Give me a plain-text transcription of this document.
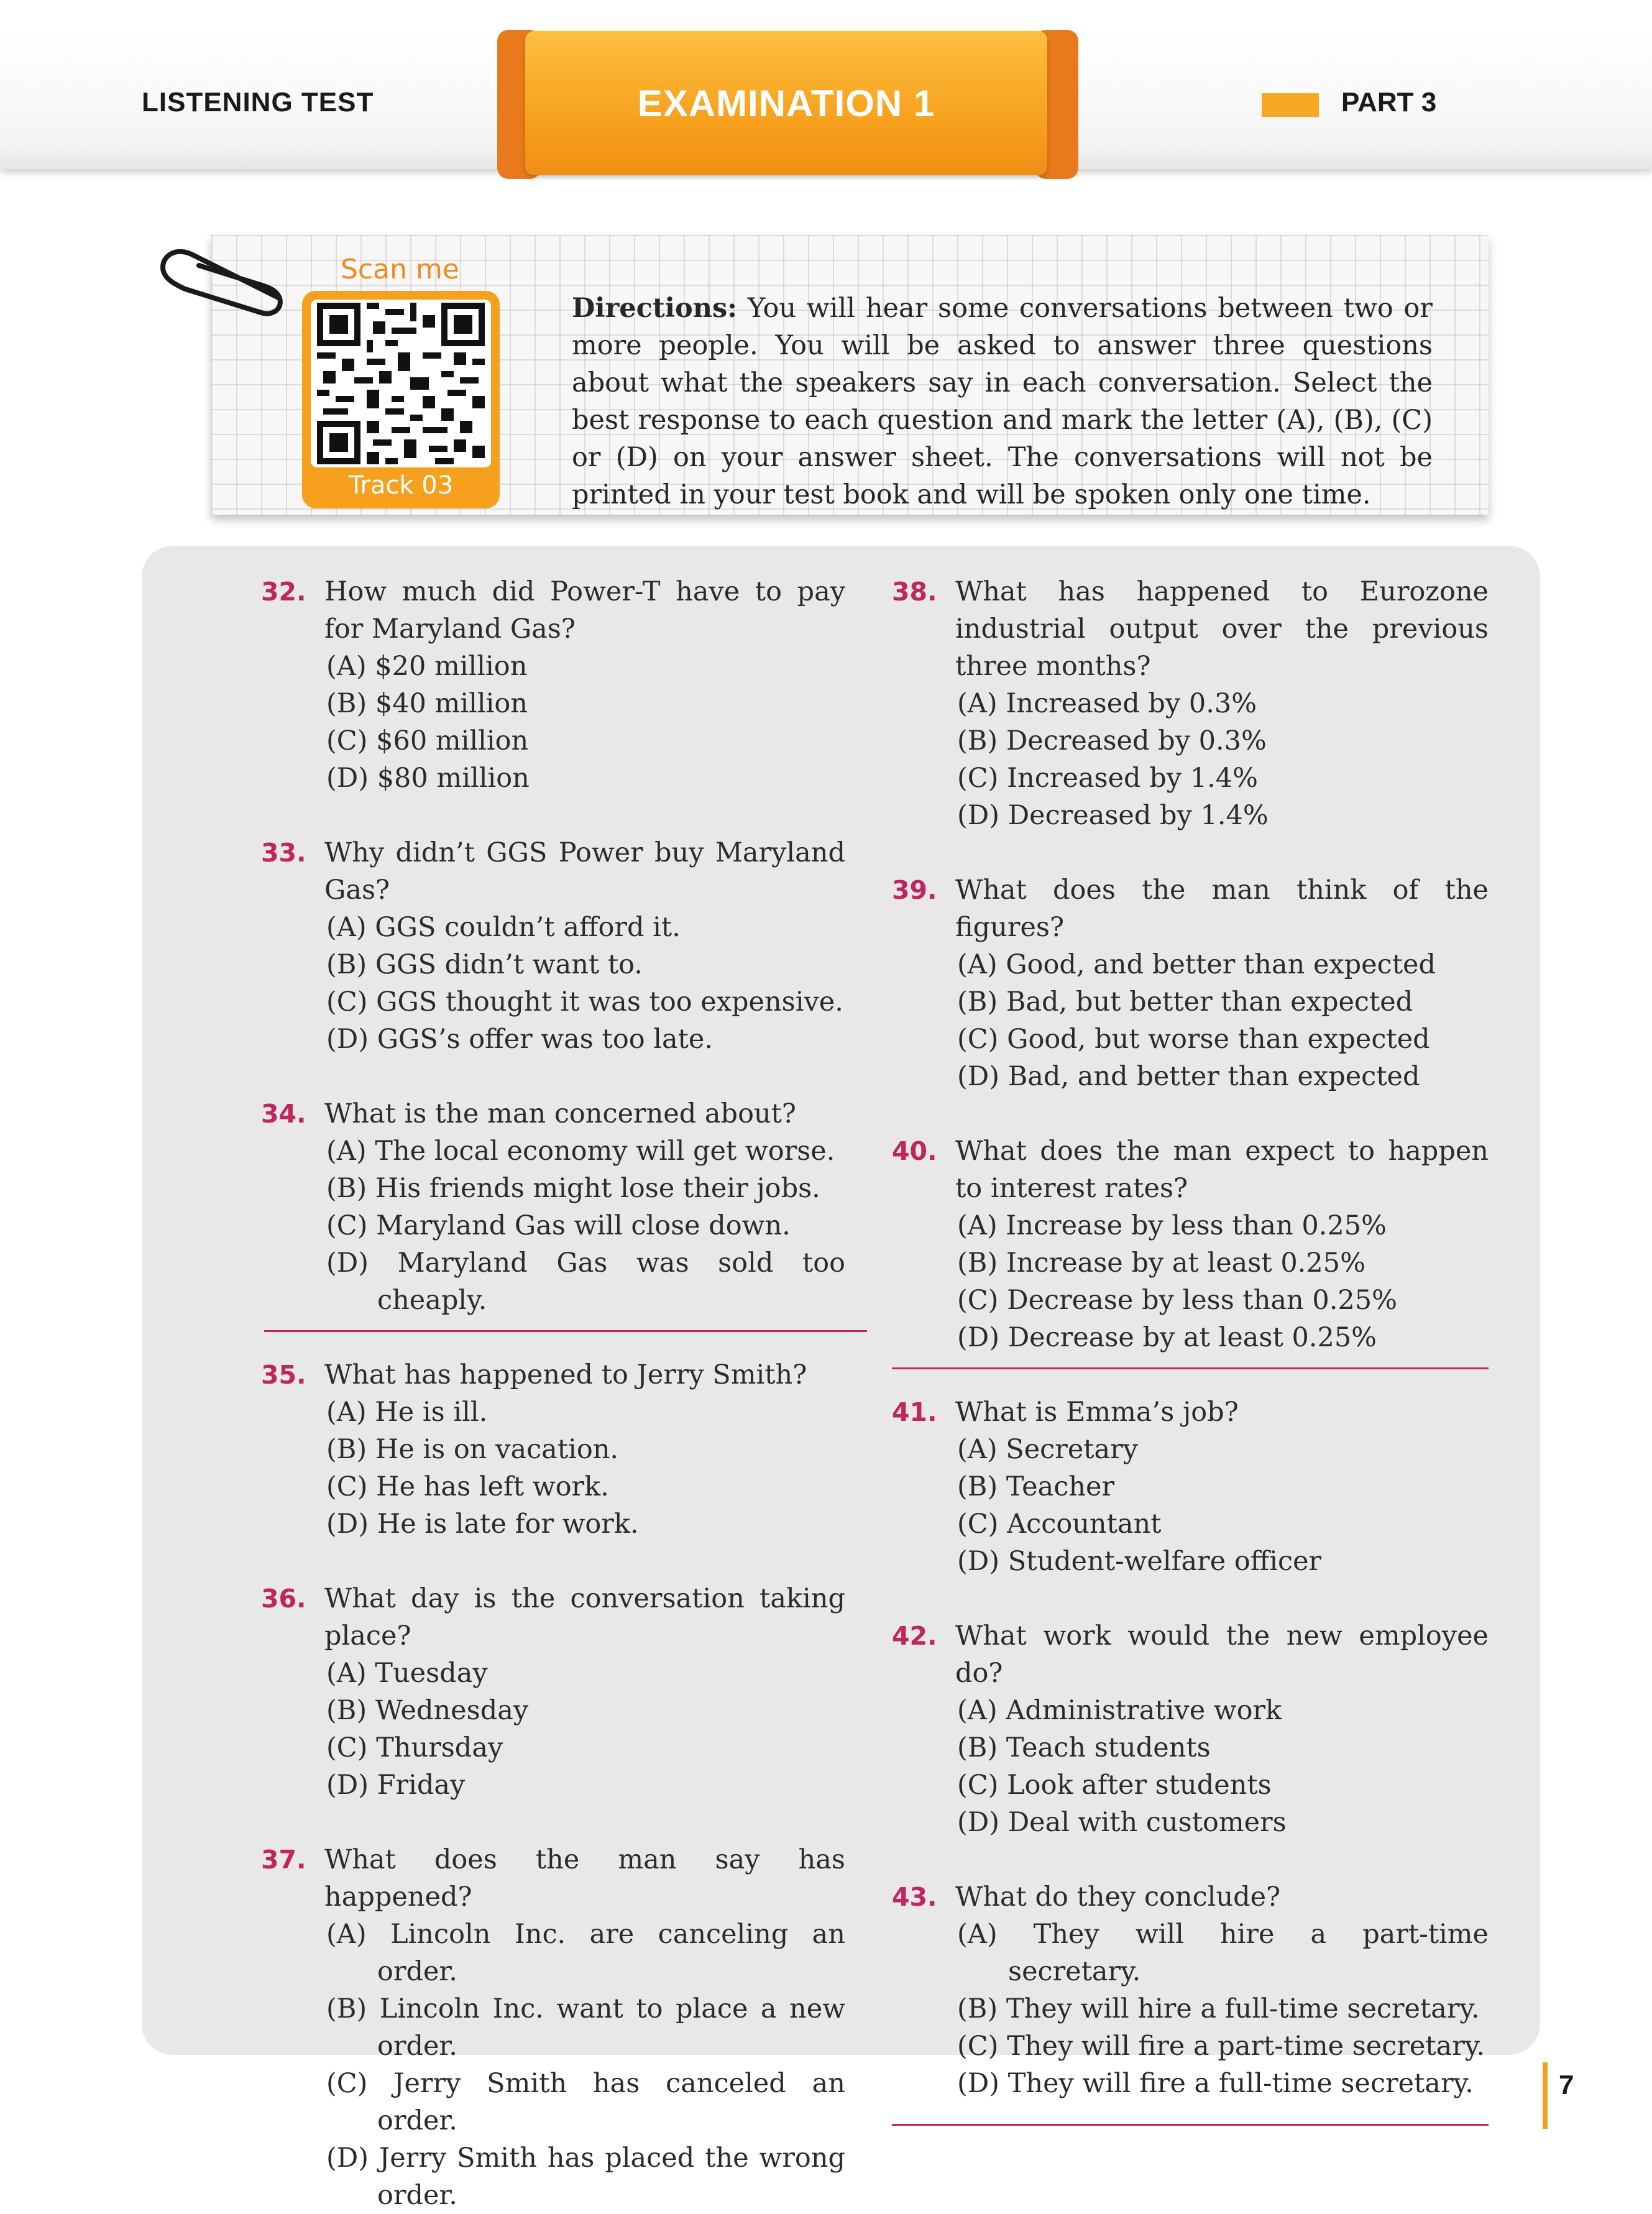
LISTENING TEST	PART 3
EXAMINATION 1
Scan me
Track 03
Directions: You will hear some conversations between two or more people. You will be asked to answer three questions about what the speakers say in each conversation. Select the best response to each question and mark the letter (A), (B), (C) or (D) on your answer sheet. The conversations will not be printed in your test book and will be spoken only one time.
32. How much did Power-T have to pay for Maryland Gas?
(A) $20 million
(B) $40 million
(C) $60 million
(D) $80 million
33. Why didn’t GGS Power buy Maryland Gas?
(A) GGS couldn’t afford it.
(B) GGS didn’t want to.
(C) GGS thought it was too expensive.
(D) GGS’s offer was too late.
34. What is the man concerned about?
(A) The local economy will get worse.
(B) His friends might lose their jobs.
(C) Maryland Gas will close down.
(D) Maryland Gas was sold too cheaply.
35. What has happened to Jerry Smith?
(A) He is ill.
(B) He is on vacation.
(C) He has left work.
(D) He is late for work.
36. What day is the conversation taking place?
(A) Tuesday
(B) Wednesday
(C) Thursday
(D) Friday
37. What does the man say has happened?
(A) Lincoln Inc. are canceling an order.
(B) Lincoln Inc. want to place a new order.
(C) Jerry Smith has canceled an order.
(D) Jerry Smith has placed the wrong order.
38. What has happened to Eurozone industrial output over the previous three months?
(A) Increased by 0.3%
(B) Decreased by 0.3%
(C) Increased by 1.4%
(D) Decreased by 1.4%
39. What does the man think of the figures?
(A) Good, and better than expected
(B) Bad, but better than expected
(C) Good, but worse than expected
(D) Bad, and better than expected
40. What does the man expect to happen to interest rates?
(A) Increase by less than 0.25%
(B) Increase by at least 0.25%
(C) Decrease by less than 0.25%
(D) Decrease by at least 0.25%
41. What is Emma’s job?
(A) Secretary
(B) Teacher
(C) Accountant
(D) Student-welfare officer
42. What work would the new employee do?
(A) Administrative work
(B) Teach students
(C) Look after students
(D) Deal with customers
43. What do they conclude?
(A) They will hire a part-time secretary.
(B) They will hire a full-time secretary.
(C) They will fire a part-time secretary.
(D) They will fire a full-time secretary.	7
